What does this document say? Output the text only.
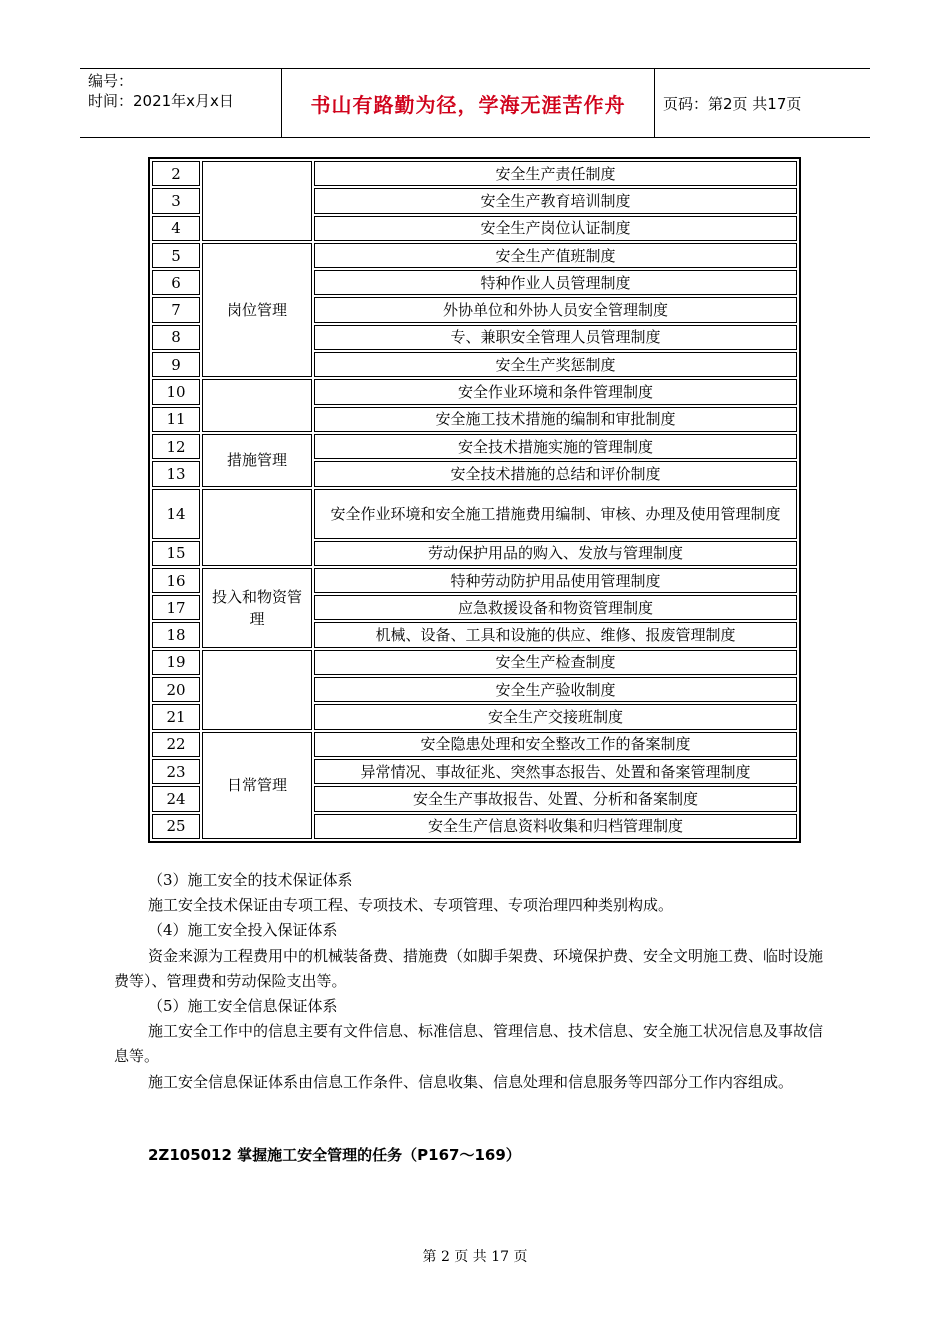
编号：
时间：2021年x月x日	书山有路勤为径，学海无涯苦作舟	页码：第2页 共17页
2		安全生产责任制度
3		安全生产教育培训制度
4		安全生产岗位认证制度
5	岗位管理	安全生产值班制度
6		特种作业人员管理制度
7		外协单位和外协人员安全管理制度
8		专、兼职安全管理人员管理制度
9		安全生产奖惩制度
10		安全作业环境和条件管理制度
11		安全施工技术措施的编制和审批制度
12	措施管理	安全技术措施实施的管理制度
13		安全技术措施的总结和评价制度
14		安全作业环境和安全施工措施费用编制、审核、办理及使用管理制度
15		劳动保护用品的购入、发放与管理制度
16	投入和物资管理	特种劳动防护用品使用管理制度
17		应急救援设备和物资管理制度
18		机械、设备、工具和设施的供应、维修、报废管理制度
19		安全生产检查制度
20		安全生产验收制度
21		安全生产交接班制度
22	日常管理	安全隐患处理和安全整改工作的备案制度
23		异常情况、事故征兆、突然事态报告、处置和备案管理制度
24		安全生产事故报告、处置、分析和备案制度
25		安全生产信息资料收集和归档管理制度

（3）施工安全的技术保证体系

施工安全技术保证由专项工程、专项技术、专项管理、专项治理四种类别构成。

（4）施工安全投入保证体系

资金来源为工程费用中的机械装备费、措施费（如脚手架费、环境保护费、安全文明施工费、临时设施费等）、管理费和劳动保险支出等。

（5）施工安全信息保证体系

施工安全工作中的信息主要有文件信息、标准信息、管理信息、技术信息、安全施工状况信息及事故信息等。

施工安全信息保证体系由信息工作条件、信息收集、信息处理和信息服务等四部分工作内容组成。

2Z105012 掌握施工安全管理的任务（P167～169）
第 2 页 共 17 页
